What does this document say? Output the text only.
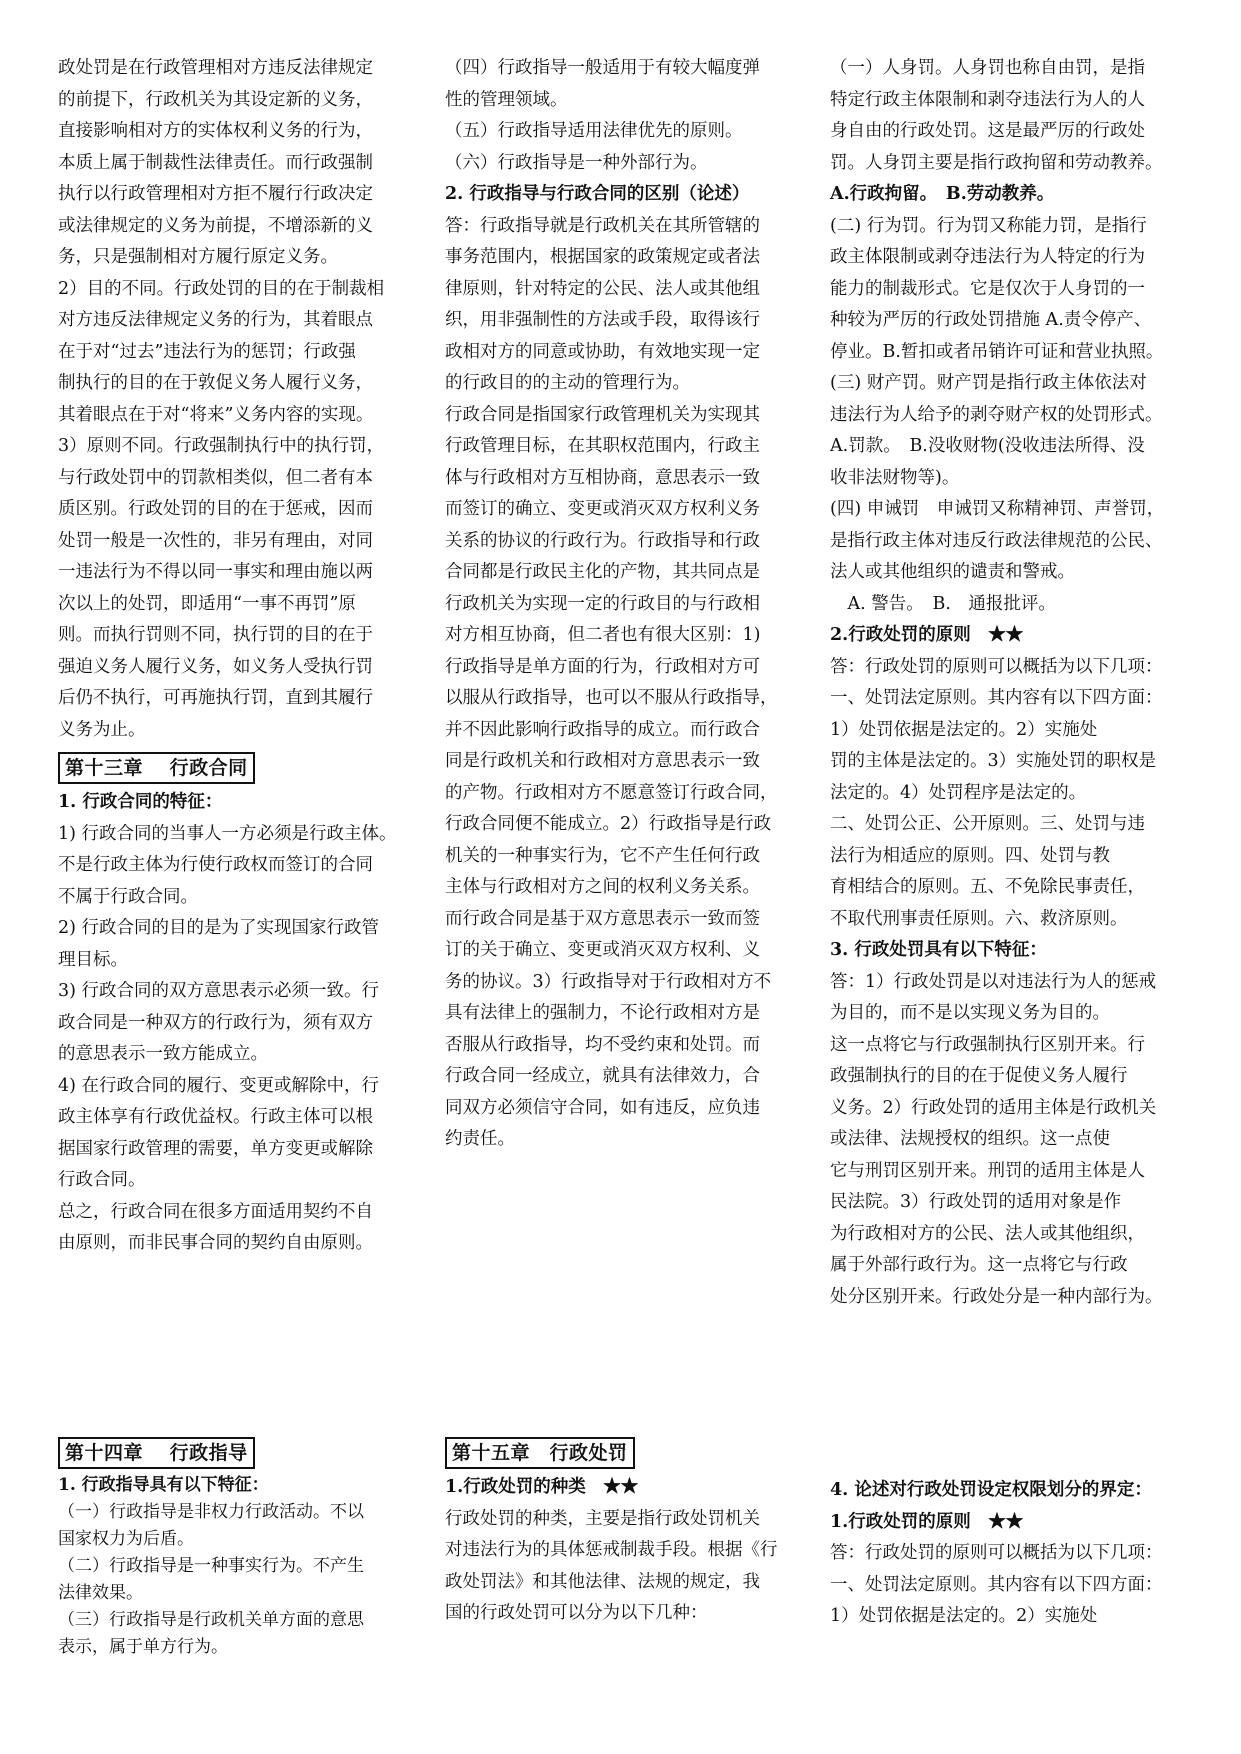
政处罚是在行政管理相对方违反法律规定

的前提下，行政机关为其设定新的义务，

直接影响相对方的实体权利义务的行为，

本质上属于制裁性法律责任。而行政强制

执行以行政管理相对方拒不履行行政决定

或法律规定的义务为前提，不增添新的义

务，只是强制相对方履行原定义务。

2）目的不同。行政处罚的目的在于制裁相

对方违反法律规定义务的行为，其着眼点

在于对“过去”违法行为的惩罚；行政强

制执行的目的在于敦促义务人履行义务，

其着眼点在于对“将来”义务内容的实现。

3）原则不同。行政强制执行中的执行罚，

与行政处罚中的罚款相类似，但二者有本

质区别。行政处罚的目的在于惩戒，因而

处罚一般是一次性的，非另有理由，对同

一违法行为不得以同一事实和理由施以两

次以上的处罚，即适用“一事不再罚”原

则。而执行罚则不同，执行罚的目的在于

强迫义务人履行义务，如义务人受执行罚

后仍不执行，可再施执行罚，直到其履行

义务为止。

第十三章　 行政合同

1. 行政合同的特征：

1) 行政合同的当事人一方必须是行政主体。

不是行政主体为行使行政权而签订的合同

不属于行政合同。

2) 行政合同的目的是为了实现国家行政管

理目标。

3) 行政合同的双方意思表示必须一致。行

政合同是一种双方的行政行为，须有双方

的意思表示一致方能成立。

4) 在行政合同的履行、变更或解除中，行

政主体享有行政优益权。行政主体可以根

据国家行政管理的需要，单方变更或解除

行政合同。

总之，行政合同在很多方面适用契约不自

由原则，而非民事合同的契约自由原则。

（四）行政指导一般适用于有较大幅度弹

性的管理领域。

（五）行政指导适用法律优先的原则。

（六）行政指导是一种外部行为。

2. 行政指导与行政合同的区别（论述）

答：行政指导就是行政机关在其所管辖的

事务范围内，根据国家的政策规定或者法

律原则，针对特定的公民、法人或其他组

织，用非强制性的方法或手段，取得该行

政相对方的同意或协助，有效地实现一定

的行政目的的主动的管理行为。

行政合同是指国家行政管理机关为实现其

行政管理目标，在其职权范围内，行政主

体与行政相对方互相协商，意思表示一致

而签订的确立、变更或消灭双方权利义务

关系的协议的行政行为。行政指导和行政

合同都是行政民主化的产物，其共同点是

行政机关为实现一定的行政目的与行政相

对方相互协商，但二者也有很大区别：1)

行政指导是单方面的行为，行政相对方可

以服从行政指导，也可以不服从行政指导，

并不因此影响行政指导的成立。而行政合

同是行政机关和行政相对方意思表示一致

的产物。行政相对方不愿意签订行政合同，

行政合同便不能成立。2）行政指导是行政

机关的一种事实行为，它不产生任何行政

主体与行政相对方之间的权利义务关系。

而行政合同是基于双方意思表示一致而签

订的关于确立、变更或消灭双方权利、义

务的协议。3）行政指导对于行政相对方不

具有法律上的强制力，不论行政相对方是

否服从行政指导，均不受约束和处罚。而

行政合同一经成立，就具有法律效力，合

同双方必须信守合同，如有违反，应负违

约责任。

（一）人身罚。人身罚也称自由罚，是指

特定行政主体限制和剥夺违法行为人的人

身自由的行政处罚。这是最严厉的行政处

罚。人身罚主要是指行政拘留和劳动教养。

A.行政拘留。　B.劳动教养。

(二) 行为罚。行为罚又称能力罚，是指行

政主体限制或剥夺违法行为人特定的行为

能力的制裁形式。它是仅次于人身罚的一

种较为严厉的行政处罚措施 A.责令停产、

停业。B.暂扣或者吊销许可证和营业执照。

(三) 财产罚。财产罚是指行政主体依法对

违法行为人给予的剥夺财产权的处罚形式。

A.罚款。　B.没收财物(没收违法所得、没

收非法财物等)。

(四) 申诫罚　申诫罚又称精神罚、声誉罚，

是指行政主体对违反行政法律规范的公民、

法人或其他组织的谴责和警戒。

　A. 警告。　B.　通报批评。

2.行政处罚的原则　★★

答：行政处罚的原则可以概括为以下几项：

一、处罚法定原则。其内容有以下四方面：

1）处罚依据是法定的。2）实施处

罚的主体是法定的。3）实施处罚的职权是

法定的。4）处罚程序是法定的。

二、处罚公正、公开原则。三、处罚与违

法行为相适应的原则。四、处罚与教

育相结合的原则。五、不免除民事责任，

不取代刑事责任原则。六、救济原则。

3. 行政处罚具有以下特征：

答：1）行政处罚是以对违法行为人的惩戒

为目的，而不是以实现义务为目的。

这一点将它与行政强制执行区别开来。行

政强制执行的目的在于促使义务人履行

义务。2）行政处罚的适用主体是行政机关

或法律、法规授权的组织。这一点使

它与刑罚区别开来。刑罚的适用主体是人

民法院。3）行政处罚的适用对象是作

为行政相对方的公民、法人或其他组织，

属于外部行政行为。这一点将它与行政

处分区别开来。行政处分是一种内部行为。

第十四章　 行政指导

1. 行政指导具有以下特征：

（一）行政指导是非权力行政活动。不以

国家权力为后盾。

（二）行政指导是一种事实行为。不产生

法律效果。

（三）行政指导是行政机关单方面的意思

表示，属于单方行为。

第十五章　行政处罚

1.行政处罚的种类　★★

行政处罚的种类，主要是指行政处罚机关

对违法行为的具体惩戒制裁手段。根据《行

政处罚法》和其他法律、法规的规定，我

国的行政处罚可以分为以下几种：

4. 论述对行政处罚设定权限划分的界定：

1.行政处罚的原则　★★

答：行政处罚的原则可以概括为以下几项：

一、处罚法定原则。其内容有以下四方面：

1）处罚依据是法定的。2）实施处
